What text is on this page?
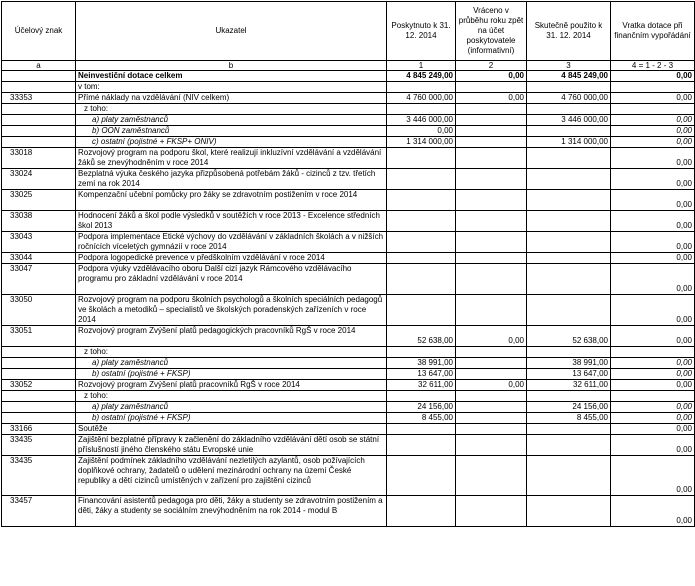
Účelový znak	Ukazatel	Poskytnuto k 31. 12. 2014	Vráceno v průběhu roku zpět na účet poskytovatele (informativní)	Skutečně použito k 31. 12. 2014	Vratka dotace při finančním vypořádání
a	b	1	2	3	4 = 1 - 2 - 3
	Neinvestiční dotace celkem	4 845 249,00	0,00	4 845 249,00	0,00
	v tom:				
33353	Přímé náklady na vzdělávání (NIV celkem)	4 760 000,00	0,00	4 760 000,00	0,00
	z toho:				
	a) platy zaměstnanců	3 446 000,00		3 446 000,00	0,00
	b) OON zaměstnanců	0,00			0,00
	c) ostatní (pojistné + FKSP+ ONIV)	1 314 000,00		1 314 000,00	0,00
33018	Rozvojový program na podporu škol, které realizují inkluzívní vzdělávání a vzdělávání žáků se znevýhodněním v roce 2014				0,00
33024	Bezplatná výuka českého jazyka přizpůsobená potřebám žáků - cizinců z tzv. třetích zemí na rok 2014				0,00
33025	Kompenzační učební pomůcky pro žáky se zdravotním postižením v roce 2014				0,00
33038	Hodnocení žáků a škol podle výsledků v soutěžích v roce 2013 - Excelence středních škol 2013				0,00
33043	Podpora implementace Etické výchovy do vzdělávání v základních školách a v nižších ročnících víceletých gymnázií v roce 2014				0,00
33044	Podpora logopedické prevence v předškolním vzdělávání v roce 2014				0,00
33047	Podpora výuky vzdělávacího oboru Další cizí jazyk Rámcového vzdělávacího programu pro základní vzdělávání v roce 2014				0,00
33050	Rozvojový program na podporu školních psychologů a školních speciálních pedagogů ve školách a metodiků – specialistů ve školských poradenských zařízeních v roce 2014				0,00
33051	Rozvojový program Zvýšení platů pedagogických pracovníků RgŠ v roce 2014	52 638,00	0,00	52 638,00	0,00
	z toho:				
	a) platy zaměstnanců	38 991,00		38 991,00	0,00
	b) ostatní (pojistné + FKSP)	13 647,00		13 647,00	0,00
33052	Rozvojový program Zvýšení platů pracovníků RgŠ v roce 2014	32 611,00	0,00	32 611,00	0,00
	z toho:				
	a) platy zaměstnanců	24 156,00		24 156,00	0,00
	b) ostatní (pojistné + FKSP)	8 455,00		8 455,00	0,00
33166	Soutěže				0,00
33435	Zajištění bezplatné přípravy k začlenění do základního vzdělávání dětí osob se státní příslušností jiného členského státu Evropské unie				0,00
33435	Zajištění podmínek základního vzdělávání nezletilých azylantů, osob požívajících doplňkové ochrany, žadatelů o udělení mezinárodní ochrany na území České republiky a dětí cizinců umístěných v zařízení pro zajištění cizinců				0,00
33457	Financování asistentů pedagoga pro děti, žáky a studenty se zdravotním postižením a děti, žáky a studenty se sociálním znevýhodněním na rok 2014 - modul B				0,00
